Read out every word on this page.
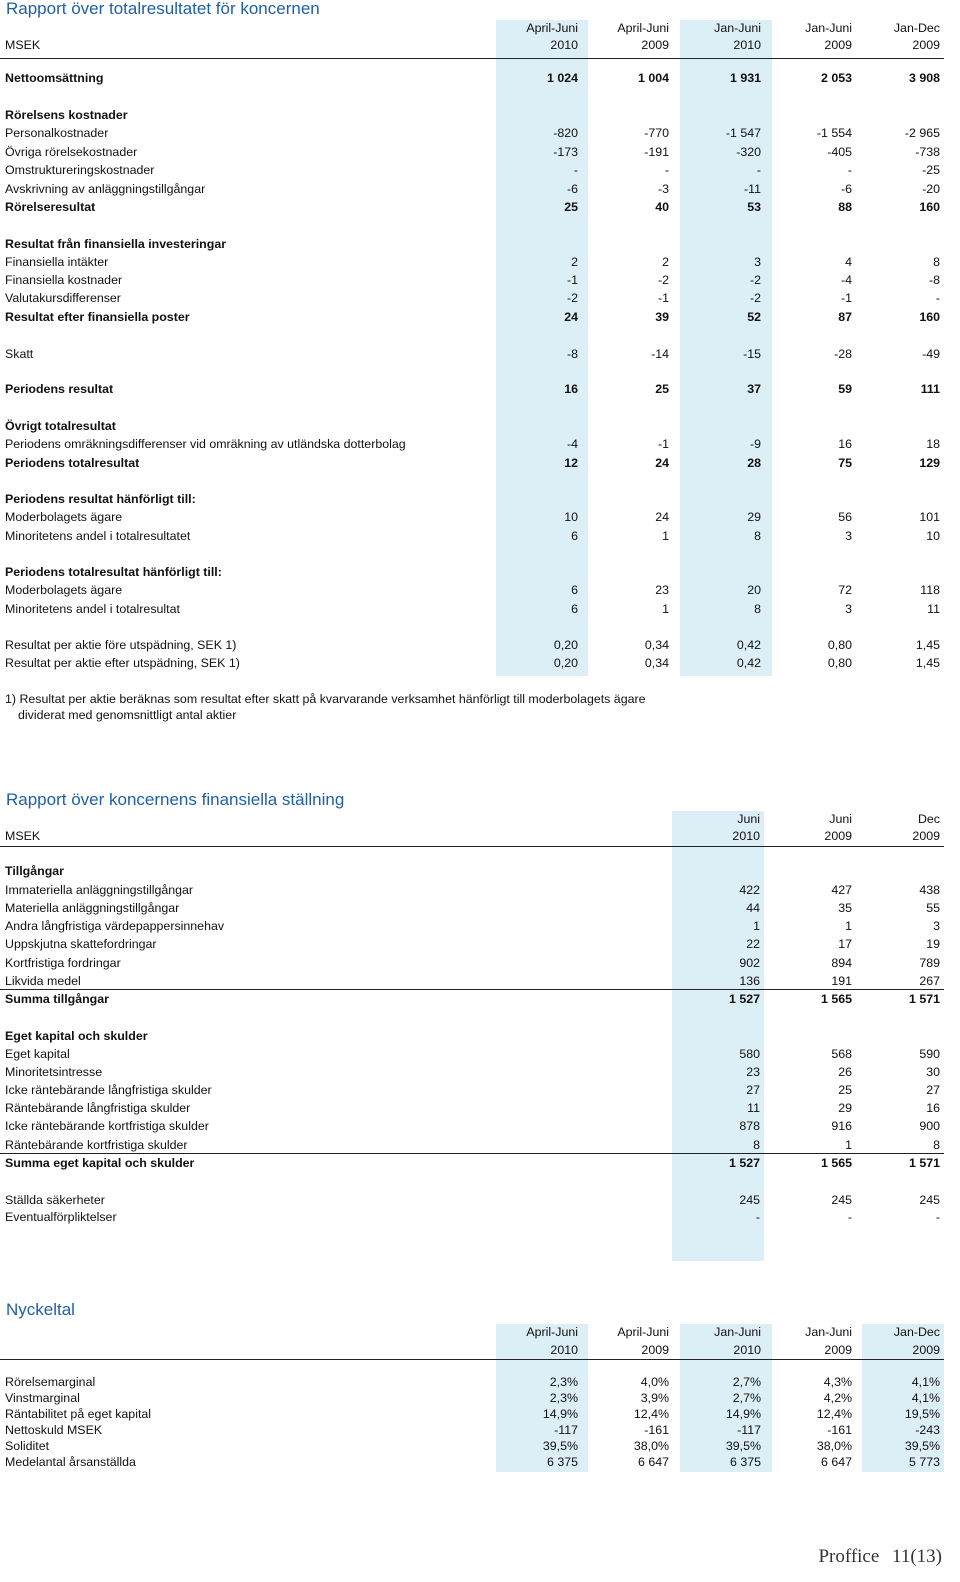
Rapport över totalresultatet för koncernen
April-Juni	April-Juni	Jan-Juni	Jan-Juni	Jan-Dec
MSEK	2010	2009	2010	2009	2009
Nettoomsättning	1 024	1 004	1 931	2 053	3 908
Rörelsens kostnader
Personalkostnader	-820	-770	-1 547	-1 554	-2 965
Övriga rörelsekostnader	-173	-191	-320	-405	-738
Omstruktureringskostnader	-	-	-	-	-25
Avskrivning av anläggningstillgångar	-6	-3	-11	-6	-20
Rörelseresultat	25	40	53	88	160
Resultat från finansiella investeringar
Finansiella intäkter	2	2	3	4	8
Finansiella kostnader	-1	-2	-2	-4	-8
Valutakursdifferenser	-2	-1	-2	-1	-
Resultat efter finansiella poster	24	39	52	87	160
Skatt	-8	-14	-15	-28	-49
Periodens resultat	16	25	37	59	111
Övrigt totalresultat
Periodens omräkningsdifferenser vid omräkning av utländska dotterbolag	-4	-1	-9	16	18
Periodens totalresultat	12	24	28	75	129
Periodens resultat hänförligt till:
Moderbolagets ägare	10	24	29	56	101
Minoritetens andel i totalresultatet	6	1	8	3	10
Periodens totalresultat hänförligt till:
Moderbolagets ägare	6	23	20	72	118
Minoritetens andel i totalresultat	6	1	8	3	11
Resultat per aktie före utspädning, SEK 1)	0,20	0,34	0,42	0,80	1,45
Resultat per aktie efter utspädning, SEK 1)	0,20	0,34	0,42	0,80	1,45
1) Resultat per aktie beräknas som resultat efter skatt på kvarvarande verksamhet hänförligt till moderbolagets ägare
dividerat med genomsnittligt antal aktier
Rapport över koncernens finansiella ställning
Juni	Juni	Dec
MSEK	2010	2009	2009
Tillgångar
Immateriella anläggningstillgångar	422	427	438
Materiella anläggningstillgångar	44	35	55
Andra långfristiga värdepappersinnehav	1	1	3
Uppskjutna skattefordringar	22	17	19
Kortfristiga fordringar	902	894	789
Likvida medel	136	191	267
Summa tillgångar	1 527	1 565	1 571
Eget kapital och skulder
Eget kapital	580	568	590
Minoritetsintresse	23	26	30
Icke räntebärande långfristiga skulder	27	25	27
Räntebärande långfristiga skulder	11	29	16
Icke räntebärande kortfristiga skulder	878	916	900
Räntebärande kortfristiga skulder	8	1	8
Summa eget kapital och skulder	1 527	1 565	1 571
Ställda säkerheter	245	245	245
Eventualförpliktelser	-	-	-
Nyckeltal
April-Juni	April-Juni	Jan-Juni	Jan-Juni	Jan-Dec
2010	2009	2010	2009	2009
Rörelsemarginal	2,3%	4,0%	2,7%	4,3%	4,1%
Vinstmarginal	2,3%	3,9%	2,7%	4,2%	4,1%
Räntabilitet på eget kapital	14,9%	12,4%	14,9%	12,4%	19,5%
Nettoskuld MSEK	-117	-161	-117	-161	-243
Soliditet	39,5%	38,0%	39,5%	38,0%	39,5%
Medelantal årsanställda	6 375	6 647	6 375	6 647	5 773
Proffice 11(13)
